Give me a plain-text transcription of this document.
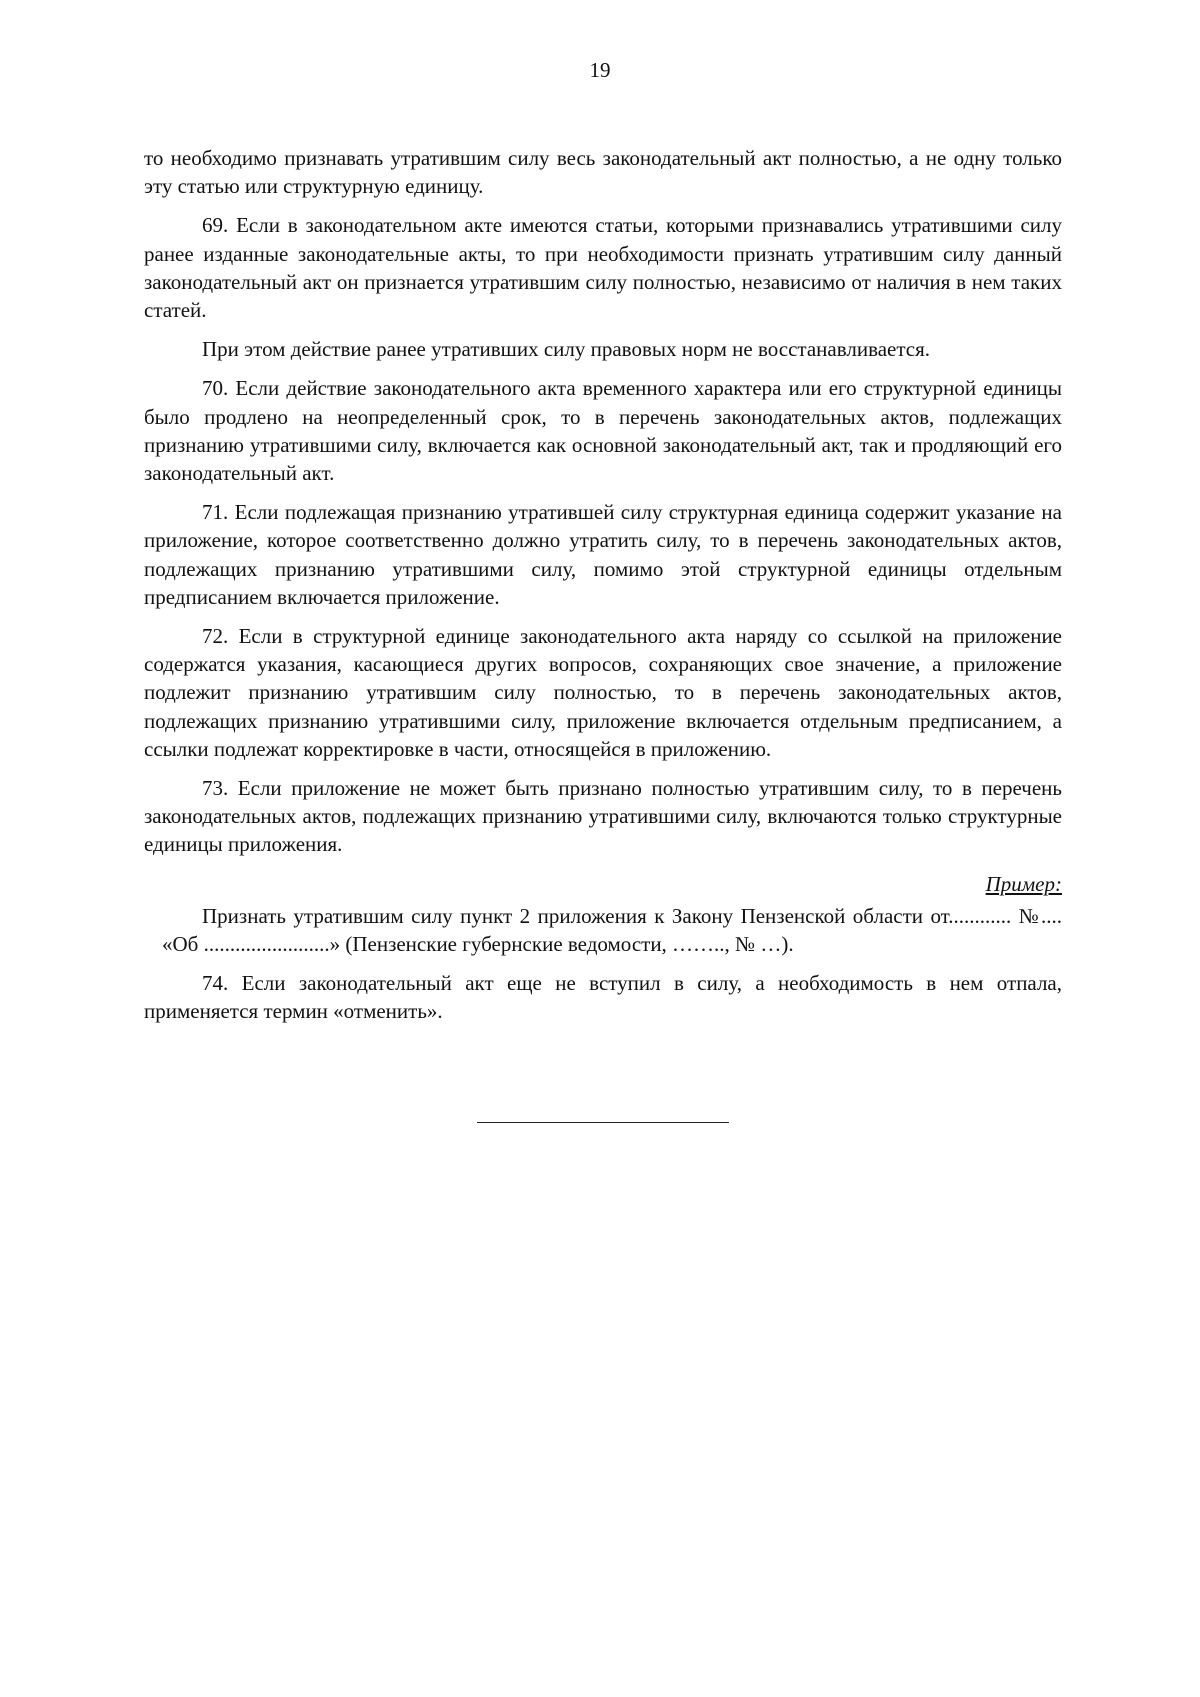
19

то необходимо признавать утратившим силу весь законодательный акт полностью, а не одну только эту статью или структурную единицу.

69. Если в законодательном акте имеются статьи, которыми признавались утратившими силу ранее изданные законодательные акты, то при необходимости признать утратившим силу данный законодательный акт он признается утратившим силу полностью, независимо от наличия в нем таких статей.

При этом действие ранее утративших силу правовых норм не восстанавливается.

70. Если действие законодательного акта временного характера или его структурной единицы было продлено на неопределенный срок, то в перечень законодательных актов, подлежащих признанию утратившими силу, включается как основной законодательный акт, так и продляющий его законодательный акт.

71. Если подлежащая признанию утратившей силу структурная единица содержит указание на приложение, которое соответственно должно утратить силу, то в перечень законодательных актов, подлежащих признанию утратившими силу, помимо этой структурной единицы отдельным предписанием включается приложение.

72. Если в структурной единице законодательного акта наряду со ссылкой на приложение содержатся указания, касающиеся других вопросов, сохраняющих свое значение, а приложение подлежит признанию утратившим силу полностью, то в перечень законодательных актов, подлежащих признанию утратившими силу, приложение включается отдельным предписанием, а ссылки подлежат корректировке в части, относящейся в приложению.

73. Если приложение не может быть признано полностью утратившим силу, то в перечень законодательных актов, подлежащих признанию утратившими силу, включаются только структурные единицы приложения.

Пример:

Признать утратившим силу пункт 2 приложения к Закону Пензенской области от............ №.... «Об ........................» (Пензенские губернские ведомости, …….., № …).

74. Если законодательный акт еще не вступил в силу, а необходимость в нем отпала, применяется термин «отменить».
